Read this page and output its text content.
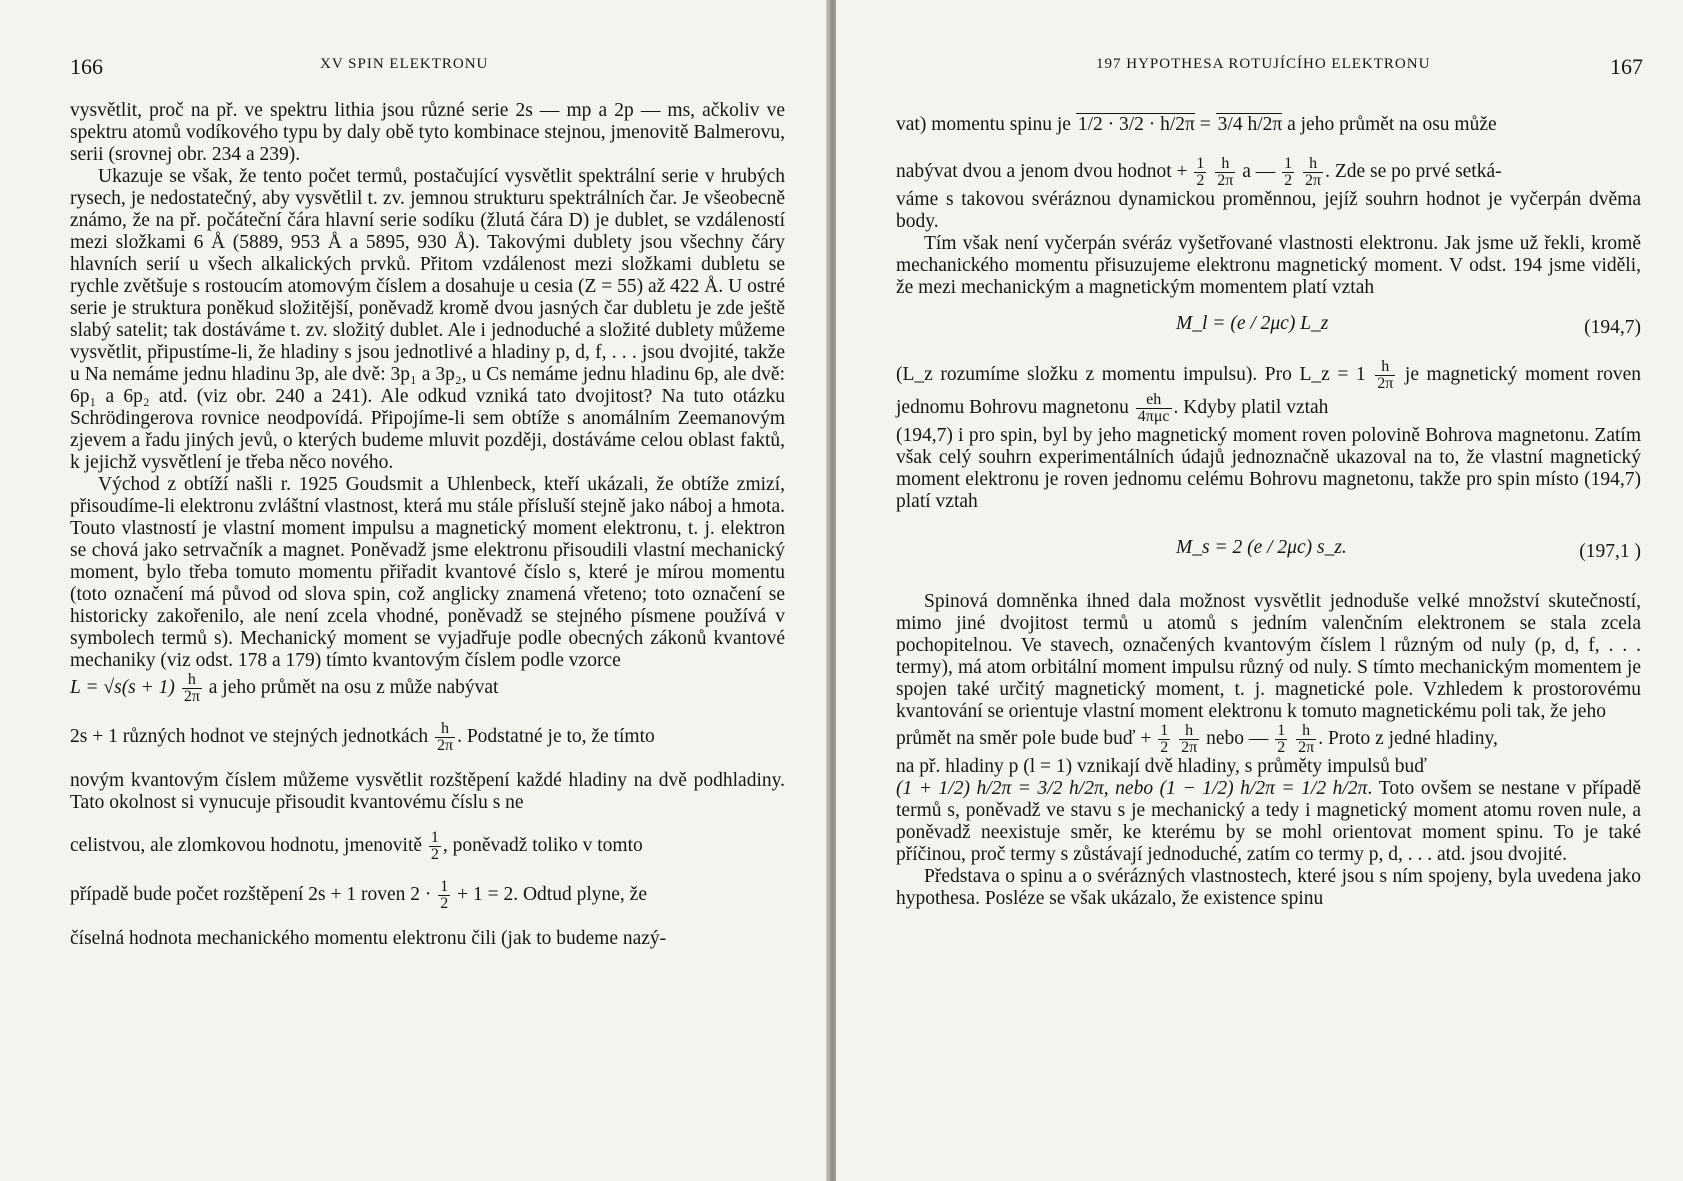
166	XV SPIN ELEKTRONU

vysvětlit, proč na př. ve spektru lithia jsou různé serie 2s — mp a 2p — ms, ačkoliv ve spektru atomů vodíkového typu by daly obě tyto kombinace stejnou, jmenovitě Balmerovu, serii (srovnej obr. 234 a 239).

Ukazuje se však, že tento počet termů, postačující vysvětlit spektrální serie v hrubých rysech, je nedostatečný, aby vysvětlil t. zv. jemnou strukturu spektrálních čar. Je všeobecně známo, že na př. počáteční čára hlavní serie sodíku (žlutá čára D) je dublet, se vzdáleností mezi složkami 6 Å (5889, 953 Å a 5895, 930 Å). Takovými dublety jsou všechny čáry hlavních serií u všech alkalických prvků. Přitom vzdálenost mezi složkami dubletu se rychle zvětšuje s rostoucím atomovým číslem a dosahuje u cesia (Z = 55) až 422 Å. U ostré serie je struktura poněkud složitější, poněvadž kromě dvou jasných čar dubletu je zde ještě slabý satelit; tak dostáváme t. zv. složitý dublet. Ale i jednoduché a složité dublety můžeme vysvětlit, připustíme-li, že hladiny s jsou jednotlivé a hladiny p, d, f, . . . jsou dvojité, takže u Na nemáme jednu hladinu 3p, ale dvě: 3p₁ a 3p₂, u Cs nemáme jednu hladinu 6p, ale dvě: 6p₁ a 6p₂ atd. (viz obr. 240 a 241). Ale odkud vzniká tato dvojitost? Na tuto otázku Schrödingerova rovnice neodpovídá. Připojíme-li sem obtíže s anomálním Zeemanovým zjevem a řadu jiných jevů, o kterých budeme mluvit později, dostáváme celou oblast faktů, k jejichž vysvětlení je třeba něco nového.

Východ z obtíží našli r. 1925 Goudsmit a Uhlenbeck, kteří ukázali, že obtíže zmizí, přisoudíme-li elektronu zvláštní vlastnost, která mu stále přísluší stejně jako náboj a hmota. Touto vlastností je vlastní moment impulsu a magnetický moment elektronu, t. j. elektron se chová jako setrvačník a magnet. Poněvadž jsme elektronu přisoudili vlastní mechanický moment, bylo třeba tomuto momentu přiřadit kvantové číslo s, které je mírou momentu (toto označení má původ od slova spin, což anglicky znamená vřeteno; toto označení se historicky zakořenilo, ale není zcela vhodné, poněvadž se stejného písmene používá v symbolech termů s). Mechanický moment se vyjadřuje podle obecných zákonů kvantové mechaniky (viz odst. 178 a 179) tímto kvantovým číslem podle vzorce

$L = √s(s + 1) \frac{h}{2\pi}$ a jeho průmět na osu z může nabývat

2s + 1 různých hodnot ve stejných jednotkách $\frac{h}{2\pi}$ . Podstatné je to, že tímto

novým kvantovým číslem můžeme vysvětlit rozštěpení každé hladiny na dvě podhladiny. Tato okolnost si vynucuje přisoudit kvantovému číslu s ne

celistvou, ale zlomkovou hodnotu, jmenovitě $\frac{1}{2}$ , poněvadž toliko v tomto

případě bude počet rozštěpení 2s + 1 roven $2 \cdot \frac{1}{2} + 1 = 2$. Odtud plyne, že

číselná hodnota mechanického momentu elektronu čili (jak to budeme nazý-

197 HYPOTHESA ROTUJÍCÍHO ELEKTRONU	167

vat) momentu spinu je 1/2 · 3/2 · h/2π = 3/4 h/2π a jeho průmět na osu může

nabývat dvou a jenom dvou hodnot + $\frac{1}{2}$
$\frac{h}{2\pi}$ a — $\frac{1}{2}$
$\frac{h}{2\pi}$ . Zde se po prvé setká-

váme s takovou svéráznou dynamickou proměnnou, jejíž souhrn hodnot je vyčerpán dvěma body.

Tím však není vyčerpán svéráz vyšetřované vlastnosti elektronu. Jak jsme už řekli, kromě mechanického momentu přisuzujeme elektronu magnetický moment. V odst. 194 jsme viděli, že mezi mechanickým a magnetickým momentem platí vztah

M_l = (e / 2μc) L_z	(194,7)

(L_z rozumíme složku z momentu impulsu). Pro L_z = $1 \frac{h}{2\pi}$ je magnetický moment roven jednomu Bohrovu magnetonu $\frac{eh}{\text{4πμc}}$ . Kdyby platil vztah

(194,7) i pro spin, byl by jeho magnetický moment roven polovině Bohrova magnetonu. Zatím však celý souhrn experimentálních údajů jednoznačně ukazoval na to, že vlastní magnetický moment elektronu je roven jednomu celému Bohrovu magnetonu, takže pro spin místo (194,7) platí vztah

M_s = 2 (e / 2μc) s_z.	(197,1 )

Spinová domněnka ihned dala možnost vysvětlit jednoduše velké množství skutečností, mimo jiné dvojitost termů u atomů s jedním valenčním elektronem se stala zcela pochopitelnou. Ve stavech, označených kvantovým číslem l různým od nuly (p, d, f, . . . termy), má atom orbitální moment impulsu různý od nuly. S tímto mechanickým momentem je spojen také určitý magnetický moment, t. j. magnetické pole. Vzhledem k prostorovému kvantování se orientuje vlastní moment elektronu k tomuto magnetickému poli tak, že jeho

průmět na směr pole bude buď + $\frac{1}{2}$
$\frac{h}{2\pi}$ nebo — $\frac{1}{2}$
$\frac{h}{2\pi}$ . Proto z jedné hladiny,

na př. hladiny p (l = 1) vznikají dvě hladiny, s průměty impulsů buď

(1 + 1/2) h/2π = 3/2 h/2π, nebo (1 − 1/2) h/2π = 1/2 h/2π. Toto ovšem se nestane v případě termů s, poněvadž ve stavu s je mechanický a tedy i magnetický moment atomu roven nule, a poněvadž neexistuje směr, ke kterému by se mohl orientovat moment spinu. To je také příčinou, proč termy s zůstávají jednoduché, zatím co termy p, d, . . . atd. jsou dvojité.

Představa o spinu a o svérázných vlastnostech, které jsou s ním spojeny, byla uvedena jako hypothesa. Posléze se však ukázalo, že existence spinu
